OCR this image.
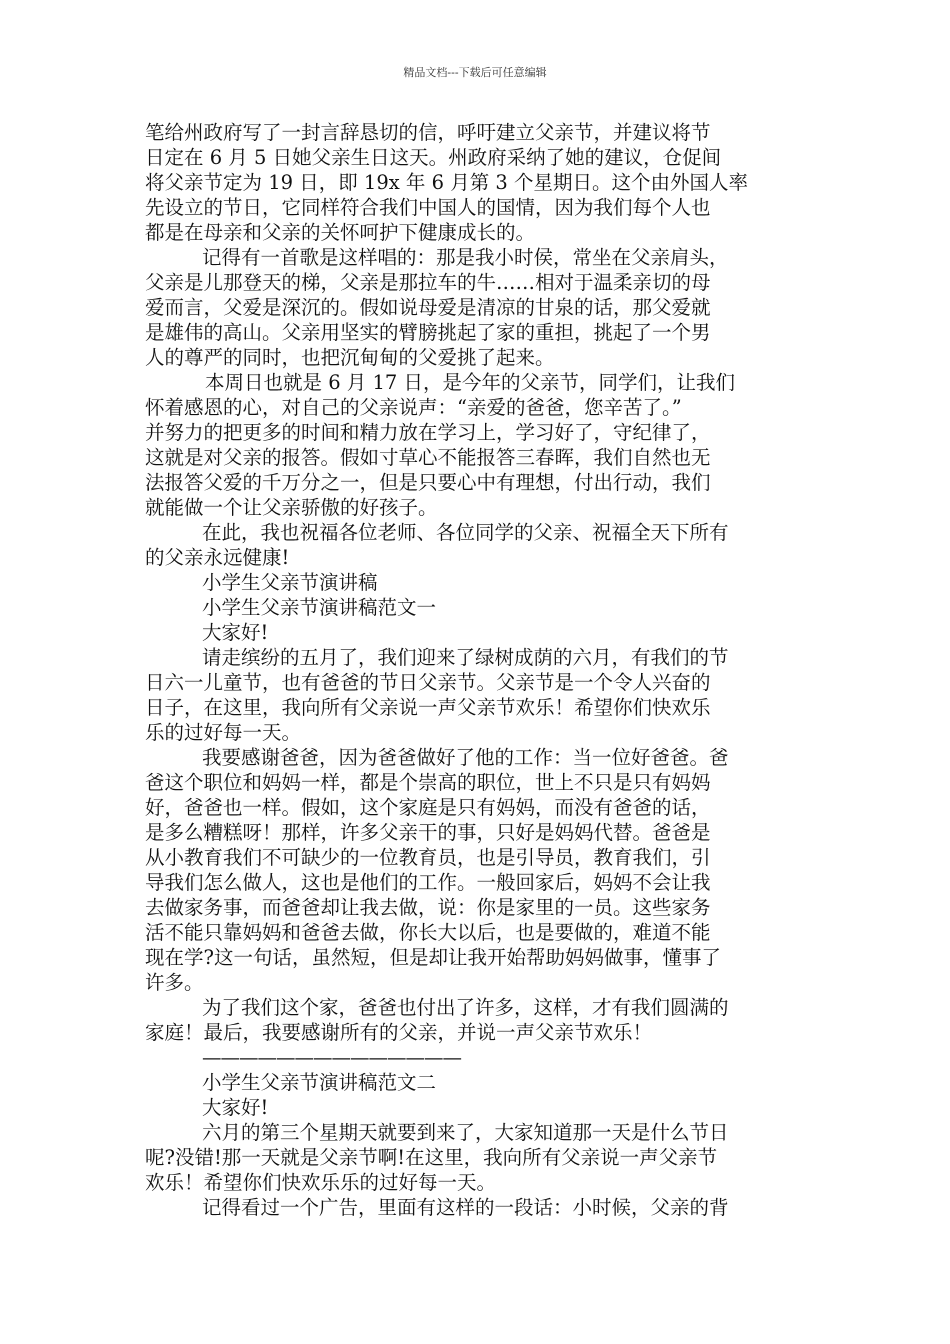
精品文档---下载后可任意编辑
笔给州政府写了一封言辞恳切的信，呼吁建立父亲节，并建议将节
日定在 6 月 5 日她父亲生日这天。州政府采纳了她的建议，仓促间
将父亲节定为 19 日，即 19x 年 6 月第 3 个星期日。这个由外国人率
先设立的节日，它同样符合我们中国人的国情，因为我们每个人也
都是在母亲和父亲的关怀呵护下健康成长的。
记得有一首歌是这样唱的：那是我小时侯，常坐在父亲肩头，
父亲是儿那登天的梯，父亲是那拉车的牛……相对于温柔亲切的母
爱而言，父爱是深沉的。假如说母爱是清凉的甘泉的话，那父爱就
是雄伟的高山。父亲用坚实的臂膀挑起了家的重担，挑起了一个男
人的尊严的同时，也把沉甸甸的父爱挑了起来。
本周日也就是 6 月 17 日，是今年的父亲节，同学们，让我们
怀着感恩的心，对自己的父亲说声：“亲爱的爸爸，您辛苦了。”
并努力的把更多的时间和精力放在学习上，学习好了，守纪律了，
这就是对父亲的报答。假如寸草心不能报答三春晖，我们自然也无
法报答父爱的千万分之一，但是只要心中有理想，付出行动，我们
就能做一个让父亲骄傲的好孩子。
在此，我也祝福各位老师、各位同学的父亲、祝福全天下所有
的父亲永远健康!
小学生父亲节演讲稿
小学生父亲节演讲稿范文一
大家好!
请走缤纷的五月了，我们迎来了绿树成荫的六月，有我们的节
日六一儿童节，也有爸爸的节日父亲节。父亲节是一个令人兴奋的
日子，在这里，我向所有父亲说一声父亲节欢乐！希望你们快欢乐
乐的过好每一天。
我要感谢爸爸，因为爸爸做好了他的工作：当一位好爸爸。爸
爸这个职位和妈妈一样，都是个崇高的职位，世上不只是只有妈妈
好，爸爸也一样。假如，这个家庭是只有妈妈，而没有爸爸的话，
是多么糟糕呀！那样，许多父亲干的事，只好是妈妈代替。爸爸是
从小教育我们不可缺少的一位教育员，也是引导员，教育我们，引
导我们怎么做人，这也是他们的工作。一般回家后，妈妈不会让我
去做家务事，而爸爸却让我去做，说：你是家里的一员。这些家务
活不能只靠妈妈和爸爸去做，你长大以后，也是要做的，难道不能
现在学?这一句话，虽然短，但是却让我开始帮助妈妈做事，懂事了
许多。
为了我们这个家，爸爸也付出了许多，这样，才有我们圆满的
家庭！最后，我要感谢所有的父亲，并说一声父亲节欢乐！
——————————————
小学生父亲节演讲稿范文二
大家好!
六月的第三个星期天就要到来了，大家知道那一天是什么节日
呢?没错!那一天就是父亲节啊!在这里，我向所有父亲说一声父亲节
欢乐！希望你们快欢乐乐的过好每一天。
记得看过一个广告，里面有这样的一段话：小时候，父亲的背
